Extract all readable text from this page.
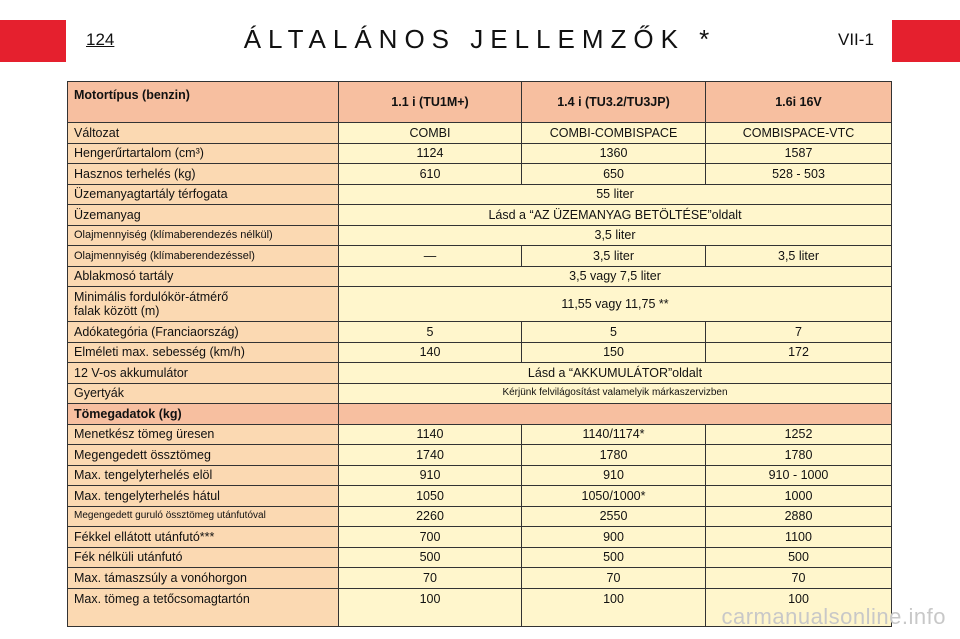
124	ÁLTALÁNOS JELLEMZŐK *	VII-1
Motortípus (benzin)	1.1 i (TU1M+)	1.4 i (TU3.2/TU3JP)	1.6i 16V
Változat	COMBI	COMBI-COMBISPACE	COMBISPACE-VTC
Hengerűrtartalom (cm³)	1124	1360	1587
Hasznos terhelés (kg)	610	650	528 - 503
Üzemanyagtartály térfogata	55 liter		
Üzemanyag	Lásd a “AZ ÜZEMANYAG BETÖLTÉSE”oldalt		
Olajmennyiség (klímaberendezés nélkül)	3,5 liter		
Olajmennyiség (klímaberendezéssel)	—	3,5 liter	3,5 liter
Ablakmosó tartály	3,5 vagy 7,5 liter		
Minimális fordulókör-átmérő
falak között (m)	11,55 vagy 11,75 **		
Adókategória (Franciaország)	5	5	7
Elméleti max. sebesség (km/h)	140	150	172
12 V-os akkumulátor	Lásd a “AKKUMULÁTOR”oldalt		
Gyertyák	Kérjünk felvilágosítást valamelyik márkaszervizben		
Tömegadatok (kg)			
Menetkész tömeg üresen	1140	1140/1174*	1252
Megengedett össztömeg	1740	1780	1780
Max. tengelyterhelés elöl	910	910	910 - 1000
Max. tengelyterhelés hátul	1050	1050/1000*	1000
Megengedett guruló össztömeg utánfutóval	2260	2550	2880
Fékkel ellátott utánfutó***	700	900	1100
Fék nélküli utánfutó	500	500	500
Max. támaszsúly a vonóhorgon	70	70	70
Max. tömeg a tetőcsomagtartón	100	100	100
carmanualsonline.info
